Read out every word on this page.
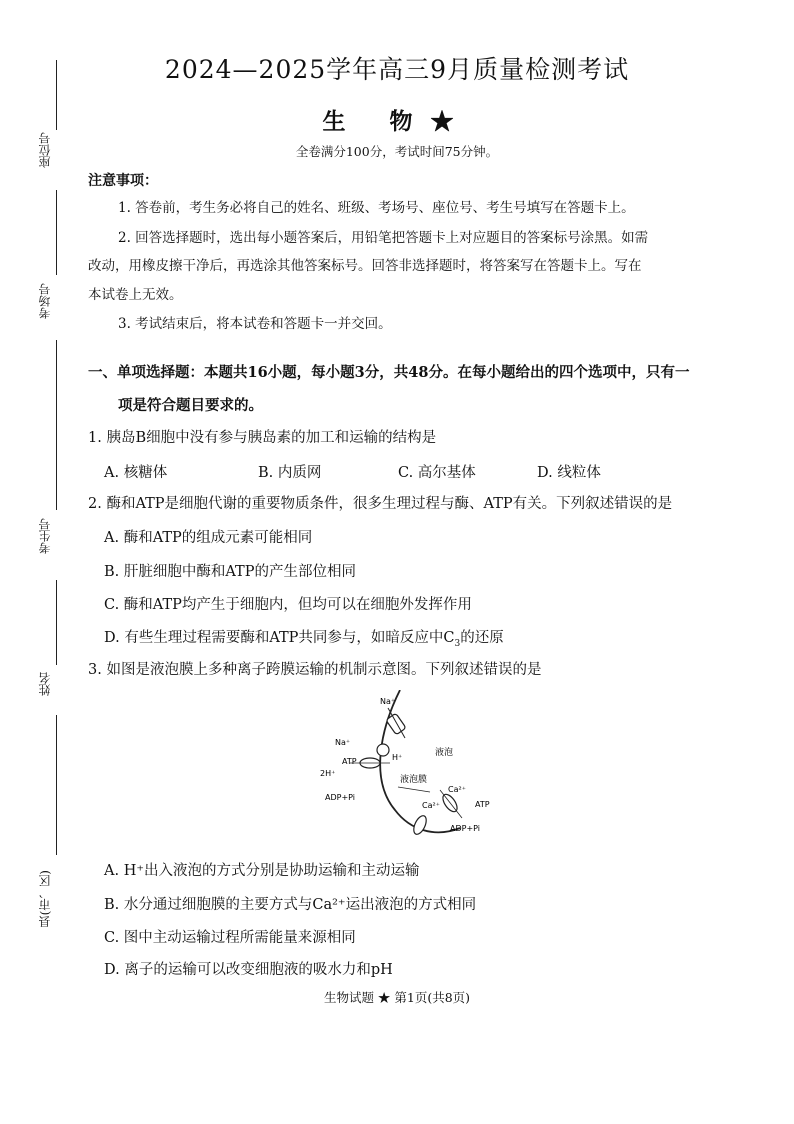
座位号
考场号
考生号
姓名
县(市、区)
2024—2025学年高三9月质量检测考试
生 物★
全卷满分100分，考试时间75分钟。
注意事项：
1. 答卷前，考生务必将自己的姓名、班级、考场号、座位号、考生号填写在答题卡上。
2. 回答选择题时，选出每小题答案后，用铅笔把答题卡上对应题目的答案标号涂黑。如需
改动，用橡皮擦干净后，再选涂其他答案标号。回答非选择题时，将答案写在答题卡上。写在
本试卷上无效。
3. 考试结束后，将本试卷和答题卡一并交回。
一、单项选择题：本题共16小题，每小题3分，共48分。在每小题给出的四个选项中，只有一
项是符合题目要求的。
1. 胰岛B细胞中没有参与胰岛素的加工和运输的结构是
A. 核糖体	B. 内质网	C. 高尔基体	D. 线粒体
2. 酶和ATP是细胞代谢的重要物质条件，很多生理过程与酶、ATP有关。下列叙述错误的是
A. 酶和ATP的组成元素可能相同
B. 肝脏细胞中酶和ATP的产生部位相同
C. 酶和ATP均产生于细胞内，但均可以在细胞外发挥作用
D. 有些生理过程需要酶和ATP共同参与，如暗反应中$C_3$的还原
3. 如图是液泡膜上多种离子跨膜运输的机制示意图。下列叙述错误的是
Na⁺
Na⁺
H⁺
ATP
2H⁺
ADP+Pi
液泡
液泡膜
Ca²⁺
Ca²⁺
ATP
ADP+Pi
A. H⁺出入液泡的方式分别是协助运输和主动运输
B. 水分通过细胞膜的主要方式与Ca²⁺运出液泡的方式相同
C. 图中主动运输过程所需能量来源相同
D. 离子的运输可以改变细胞液的吸水力和pH
生物试题 ★ 第1页(共8页)
